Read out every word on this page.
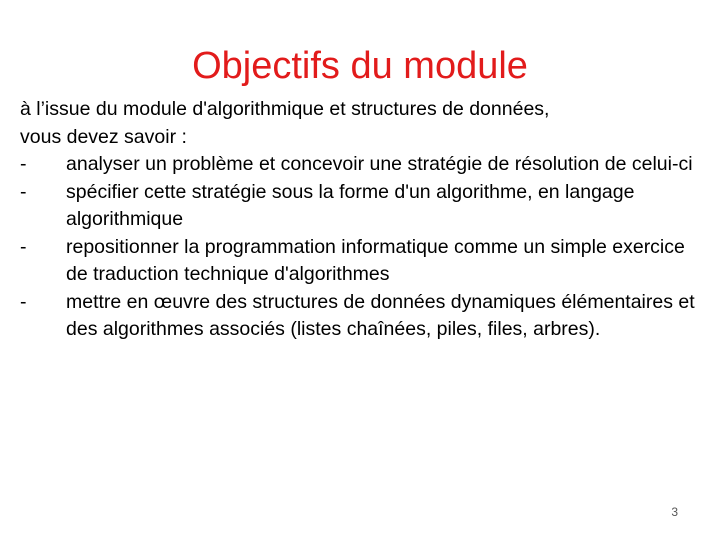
Objectifs du module

à l’issue du module d'algorithmique et structures de données,
vous devez savoir :

-	analyser un problème et concevoir une stratégie de résolution de celui-ci
-	spécifier cette stratégie sous la forme d'un algorithme, en langage algorithmique
-	repositionner la programmation informatique comme un simple exercice de traduction technique d'algorithmes
-	mettre en œuvre des structures de données dynamiques élémentaires et des algorithmes associés (listes chaînées, piles, files, arbres).
3
